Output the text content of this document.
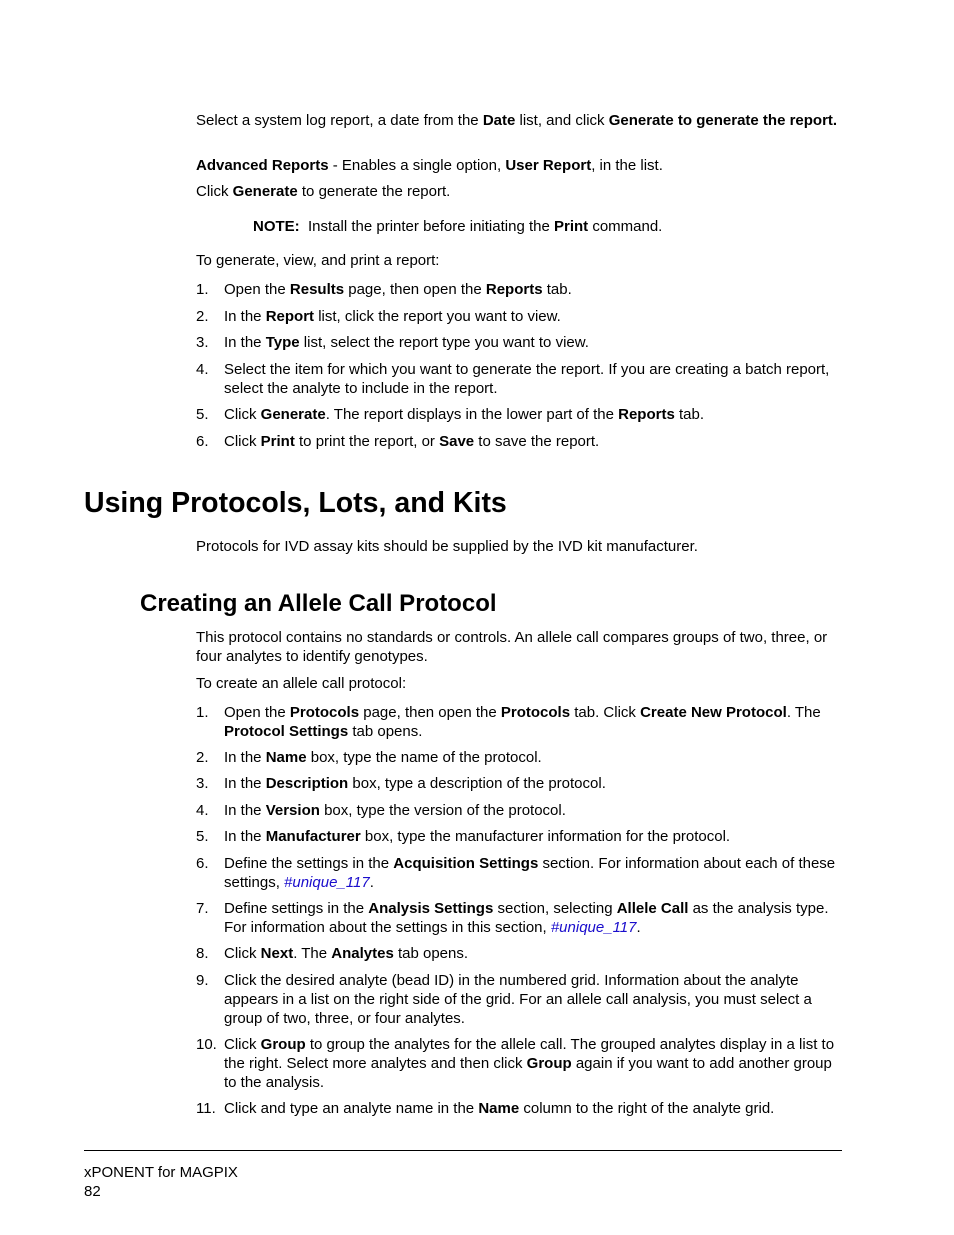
Select a system log report, a date from the Date list, and click Generate to generate the report.

Advanced Reports - Enables a single option, User Report, in the list.

Click Generate to generate the report.

NOTE:  Install the printer before initiating the Print command.

To generate, view, and print a report:

Using Protocols, Lots, and Kits

Protocols for IVD assay kits should be supplied by the IVD kit manufacturer.

Creating an Allele Call Protocol

This protocol contains no standards or controls. An allele call compares groups of two, three, or four analytes to identify genotypes.

To create an allele call protocol:

xPONENT for MAGPIX

82

1.	Open the Results page, then open the Reports tab.
2.	In the Report list, click the report you want to view.
3.	In the Type list, select the report type you want to view.
4.	Select the item for which you want to generate the report. If you are creating a batch report, select the analyte to include in the report.
5.	Click Generate. The report displays in the lower part of the Reports tab.
6.	Click Print to print the report, or Save to save the report.
1.	Open the Protocols page, then open the Protocols tab. Click Create New Protocol. The Protocol Settings tab opens.
2.	In the Name box, type the name of the protocol.
3.	In the Description box, type a description of the protocol.
4.	In the Version box, type the version of the protocol.
5.	In the Manufacturer box, type the manufacturer information for the protocol.
6.	Define the settings in the Acquisition Settings section. For information about each of these settings, #unique_117.
7.	Define settings in the Analysis Settings section, selecting Allele Call as the analysis type. For information about the settings in this section, #unique_117.
8.	Click Next. The Analytes tab opens.
9.	Click the desired analyte (bead ID) in the numbered grid. Information about the analyte appears in a list on the right side of the grid. For an allele call analysis, you must select a group of two, three, or four analytes.
10. Click Group to group the analytes for the allele call. The grouped analytes display in a list to the right. Select more analytes and then click Group again if you want to add another group to the analysis.
11. Click and type an analyte name in the Name column to the right of the analyte grid.
